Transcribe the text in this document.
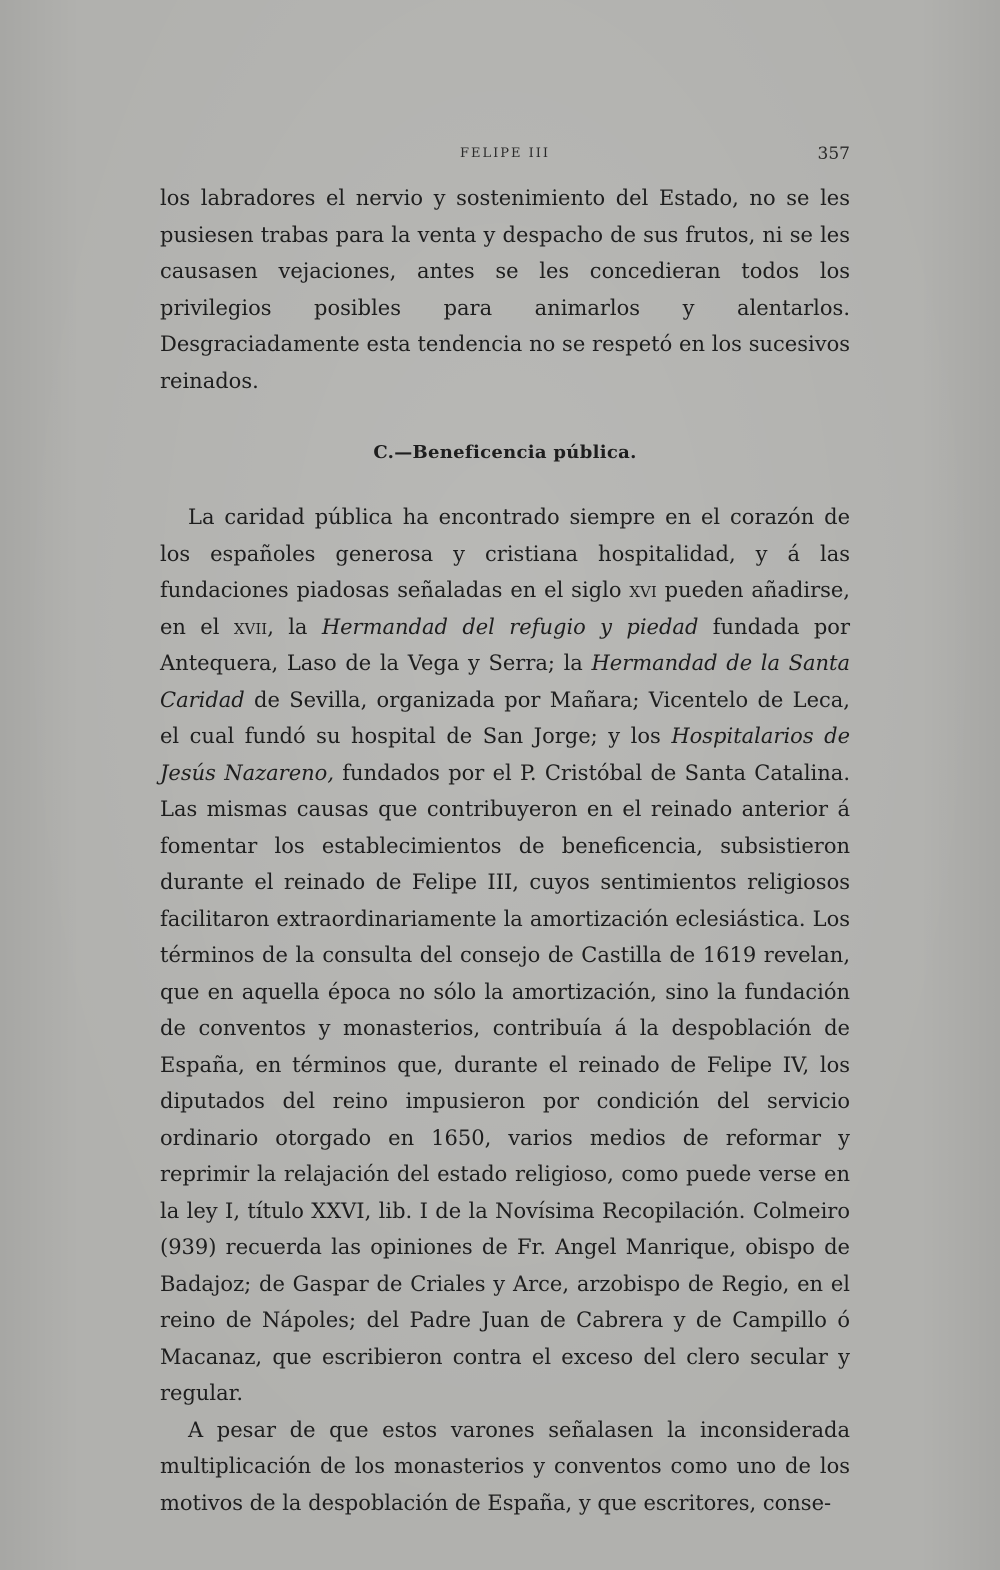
FELIPE III	357

los labradores el nervio y sostenimiento del Estado, no se les pusiesen trabas para la venta y despacho de sus frutos, ni se les causasen vejaciones, antes se les concedieran todos los privilegios posibles para animarlos y alentarlos. Desgraciadamente esta tendencia no se respetó en los sucesivos reinados.

C.—Beneficencia pública.

La caridad pública ha encontrado siempre en el corazón de los españoles generosa y cristiana hospitalidad, y á las fundaciones piadosas señaladas en el siglo xvi pueden añadirse, en el xvii, la Hermandad del refugio y piedad fundada por Antequera, Laso de la Vega y Serra; la Hermandad de la Santa Caridad de Sevilla, organizada por Mañara; Vicentelo de Leca, el cual fundó su hospital de San Jorge; y los Hospitalarios de Jesús Nazareno, fundados por el P. Cristóbal de Santa Catalina. Las mismas causas que contribuyeron en el reinado anterior á fomentar los establecimientos de beneficencia, subsistieron durante el reinado de Felipe III, cuyos sentimientos religiosos facilitaron extraordinariamente la amortización eclesiástica. Los términos de la consulta del consejo de Castilla de 1619 revelan, que en aquella época no sólo la amortización, sino la fundación de conventos y monasterios, contribuía á la despoblación de España, en términos que, durante el reinado de Felipe IV, los diputados del reino impusieron por condición del servicio ordinario otorgado en 1650, varios medios de reformar y reprimir la relajación del estado religioso, como puede verse en la ley I, título XXVI, lib. I de la Novísima Recopilación. Colmeiro (939) recuerda las opiniones de Fr. Angel Manrique, obispo de Badajoz; de Gaspar de Criales y Arce, arzobispo de Regio, en el reino de Nápoles; del Padre Juan de Cabrera y de Campillo ó Macanaz, que escribieron contra el exceso del clero secular y regular.

A pesar de que estos varones señalasen la inconsiderada multiplicación de los monasterios y conventos como uno de los motivos de la despoblación de España, y que escritores, conse-
